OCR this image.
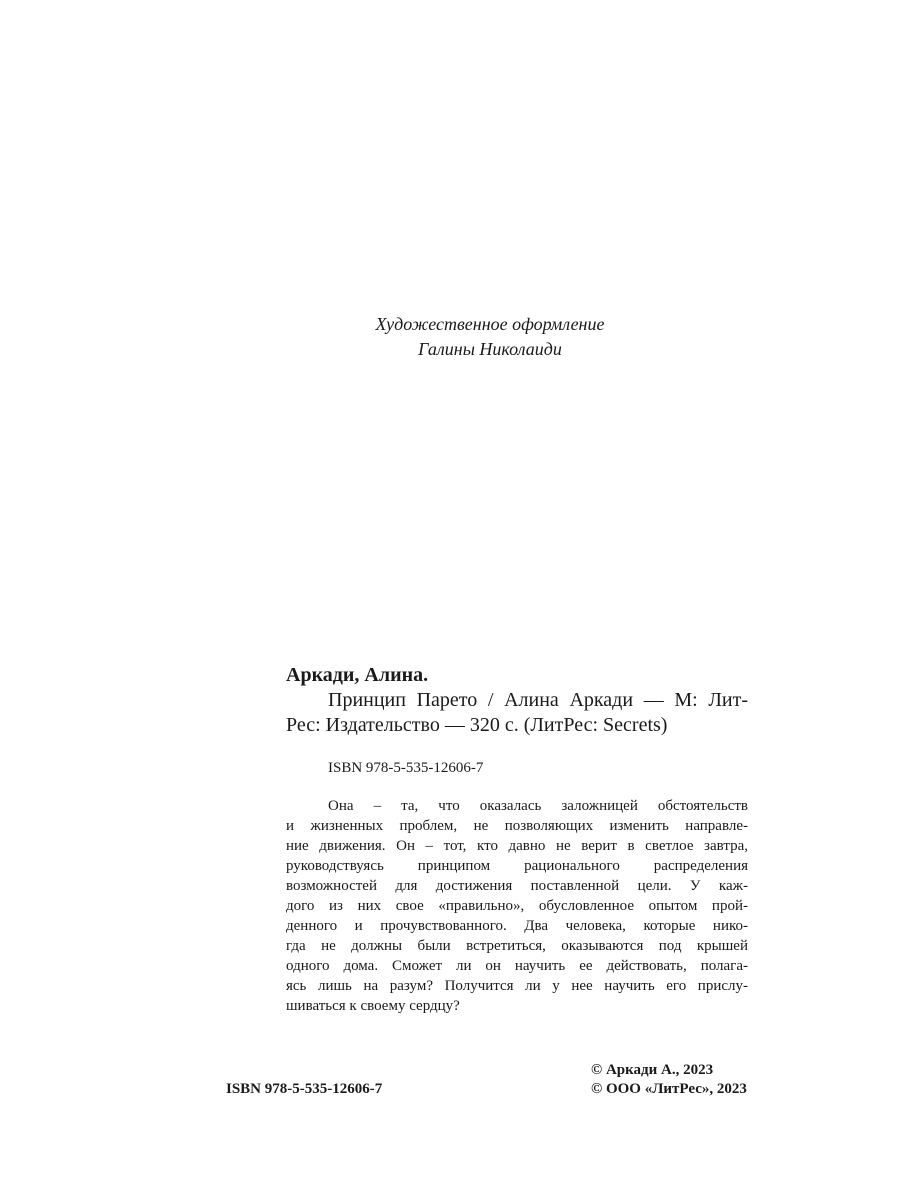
Художественное оформление
Галины Николаиди
Аркади, Алина.
Принцип Парето / Алина Аркади — М: Лит-
Рес: Издательство — 320 с. (ЛитРес: Secrets)
ISBN 978-5-535-12606-7
Она – та, что оказалась заложницей обстоятельств
и жизненных проблем, не позволяющих изменить направле-
ние движения. Он – тот, кто давно не верит в светлое завтра,
руководствуясь принципом рационального распределения
возможностей для достижения поставленной цели. У каж-
дого из них свое «правильно», обусловленное опытом прой-
денного и прочувствованного. Два человека, которые нико-
гда не должны были встретиться, оказываются под крышей
одного дома. Сможет ли он научить ее действовать, полага-
ясь лишь на разум? Получится ли у нее научить его прислу-
шиваться к своему сердцу?
ISBN 978-5-535-12606-7
© Аркади А., 2023
© ООО «ЛитРес», 2023
